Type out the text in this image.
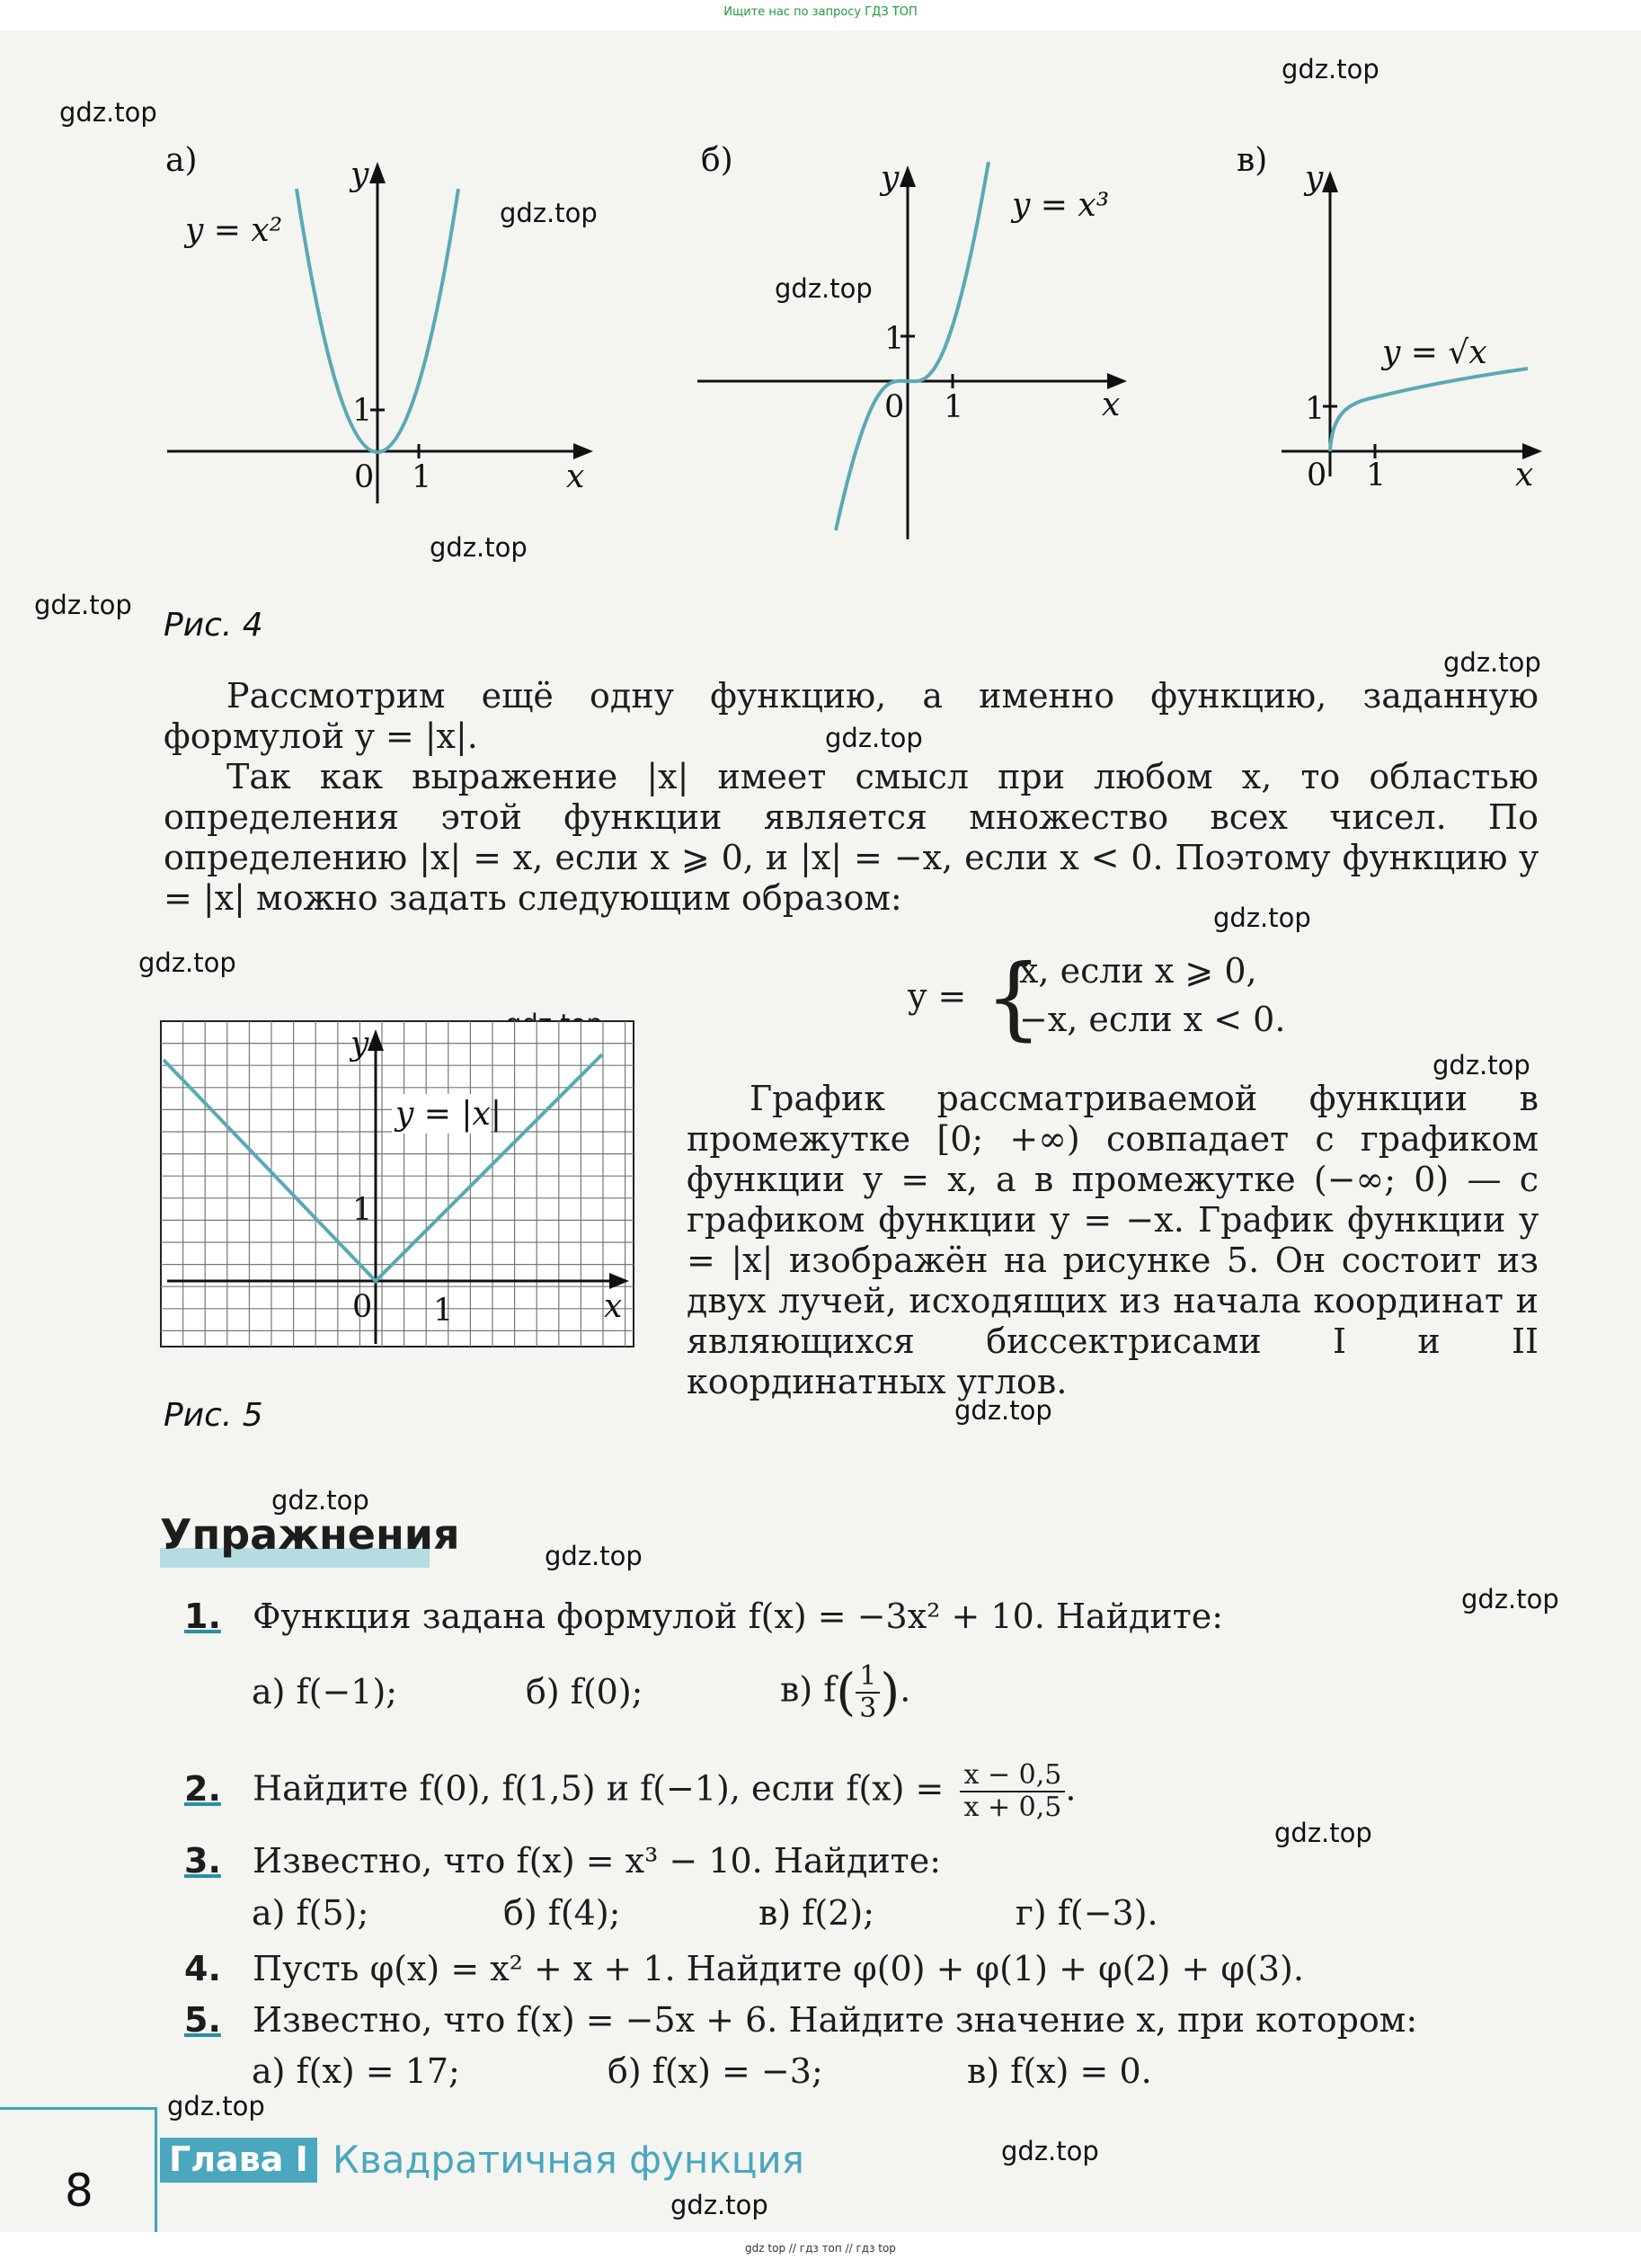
Ищите нас по запросу ГДЗ ТОП
gdz.top
gdz.top
gdz.top
gdz.top
gdz.top
gdz.top
gdz.top
gdz.top
gdz.top
gdz.top
gdz.top
gdz.top
gdz.top
gdz.top
gdz.top
gdz.top
gdz.top
gdz.top
gdz.top
а)	y
x
0 1
1
y = x²
б)	y
x
0 1
1
y = x³
в) y
x
0 1
1
y = √x
Рис. 4

Рассмотрим ещё одну функцию, а именно функцию, заданную формулой y = |x|.

Так как выражение |x| имеет смысл при любом x, то областью определения этой функции является множество всех чисел. По определению |x| = x, если x ⩾ 0, и |x| = −x, если x < 0. Поэтому функцию y = |x| можно задать следующим образом:

y = {
x, если x ⩾ 0,
−x, если x < 0.
y = |x|
y
x
0 1
1

График рассматриваемой функции в промежутке [0; +∞) совпадает с графиком функции y = x, а в промежутке (−∞; 0) — с графиком функции y = −x. График функции y = |x| изображён на рисунке 5. Он состоит из двух лучей, исходящих из начала координат и являющихся биссектрисами I и II координатных углов.

Рис. 5
Упражнения
1. Функция задана формулой f(x) = −3x² + 10. Найдите:
а) f(−1);	б) f(0);	в) $f( \frac{1}{3}$ ).
2. Найдите f(0), f(1,5) и f(−1), если $f(x) = \frac{x - 0,5}{x + 0,5}$ .
3. Известно, что f(x) = x³ − 10. Найдите:
а) f(5);	б) f(4);	в) f(2);	г) f(−3).
4. Пусть φ(x) = x² + x + 1. Найдите φ(0) + φ(1) + φ(2) + φ(3).
5. Известно, что f(x) = −5x + 6. Найдите значение x, при котором:
а) f(x) = 17;	б) f(x) = −3;	в) f(x) = 0.
8
Глава I Квадратичная функция
gdz top // гдз топ // гдз top
